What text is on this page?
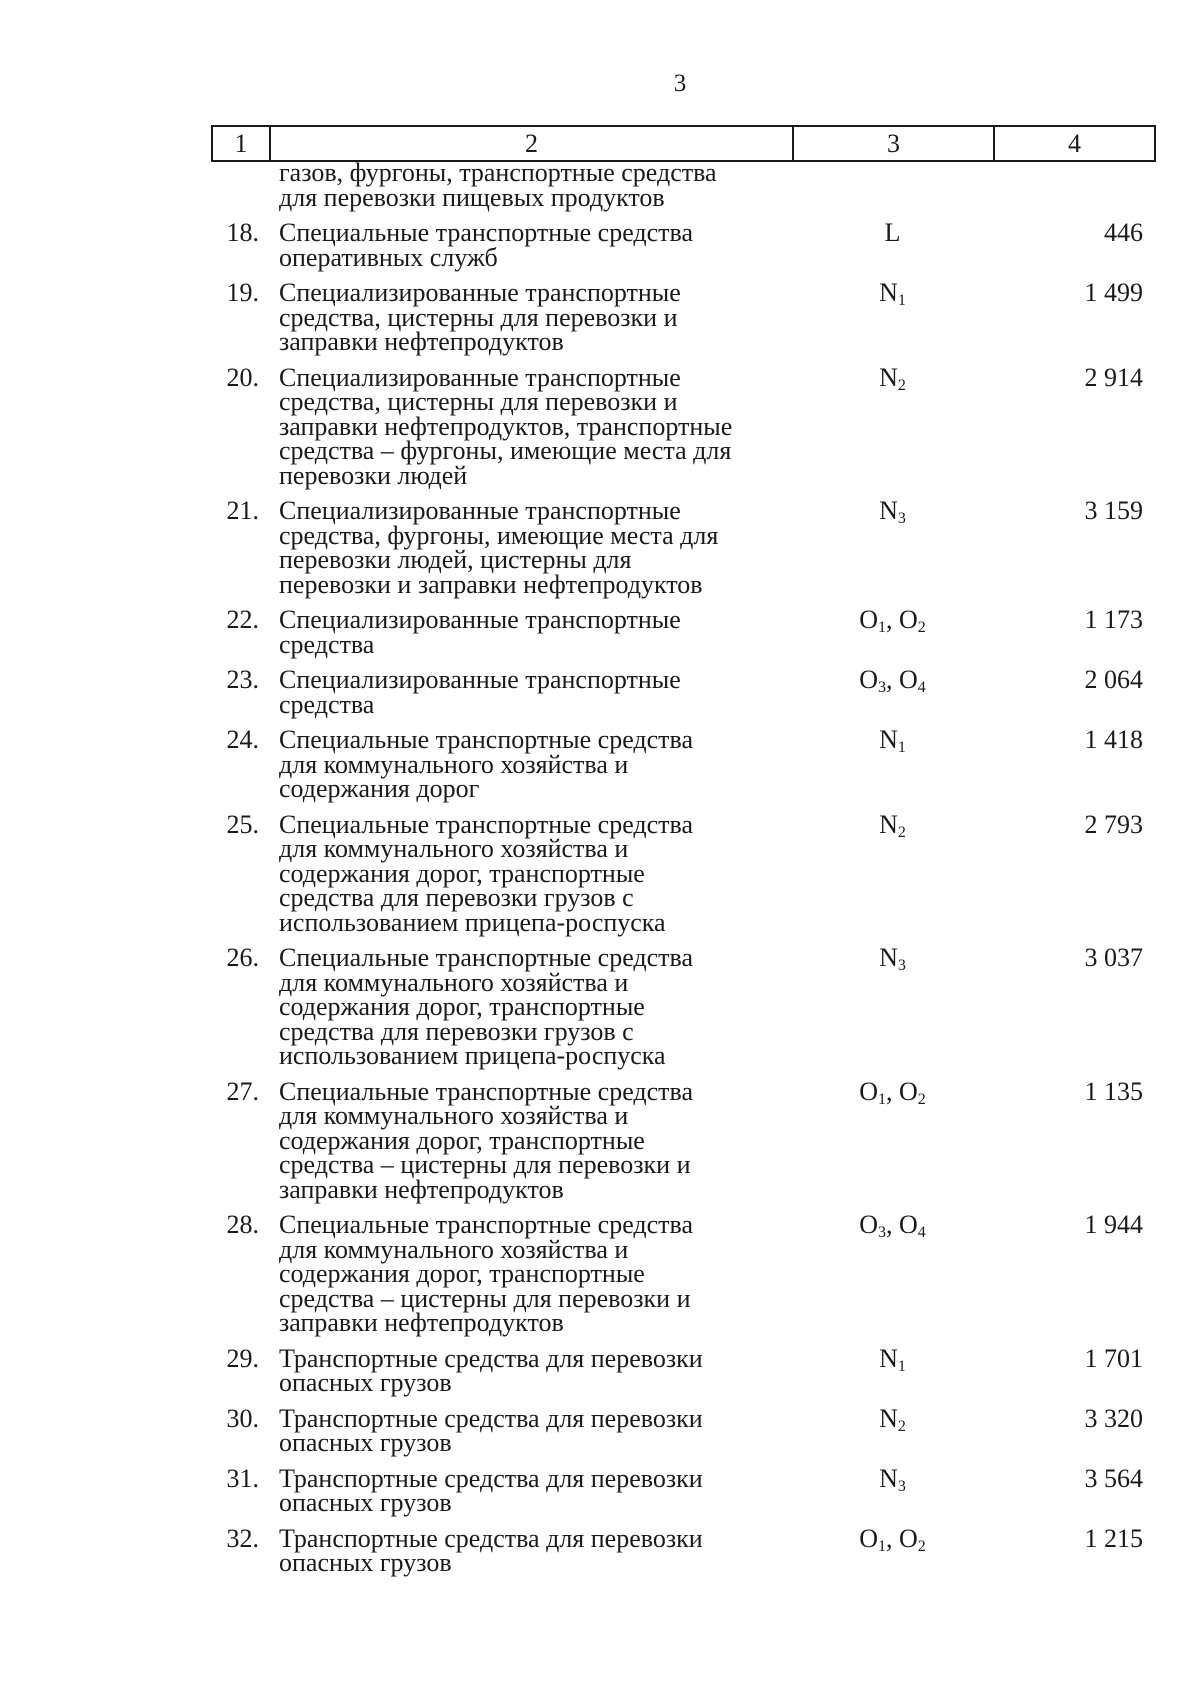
3
1	2	3	4
газов, фургоны, транспортные средства
для перевозки пищевых продуктов
18. Специальные транспортные средства
оперативных служб
L	446
19. Специализированные транспортные
средства, цистерны для перевозки и
заправки нефтепродуктов
$N_1$	1 499
20. Специализированные транспортные
средства, цистерны для перевозки и
заправки нефтепродуктов, транспортные
средства – фургоны, имеющие места для
перевозки людей
$N_2$	2 914
21. Специализированные транспортные
средства, фургоны, имеющие места для
перевозки людей, цистерны для
перевозки и заправки нефтепродуктов
$N_3$	3 159
22. Специализированные транспортные
средства
$O_1$, $O_2$	1 173
23. Специализированные транспортные
средства
$O_3$, $O_4$	2 064
24. Специальные транспортные средства
для коммунального хозяйства и
содержания дорог
$N_1$	1 418
25. Специальные транспортные средства
для коммунального хозяйства и
содержания дорог, транспортные
средства для перевозки грузов с
использованием прицепа-роспуска
$N_2$	2 793
26. Специальные транспортные средства
для коммунального хозяйства и
содержания дорог, транспортные
средства для перевозки грузов с
использованием прицепа-роспуска
$N_3$	3 037
27. Специальные транспортные средства
для коммунального хозяйства и
содержания дорог, транспортные
средства – цистерны для перевозки и
заправки нефтепродуктов
$O_1$, $O_2$	1 135
28. Специальные транспортные средства
для коммунального хозяйства и
содержания дорог, транспортные
средства – цистерны для перевозки и
заправки нефтепродуктов
$O_3$, $O_4$	1 944
29. Транспортные средства для перевозки
опасных грузов
$N_1$	1 701
30. Транспортные средства для перевозки
опасных грузов
$N_2$	3 320
31. Транспортные средства для перевозки
опасных грузов
$N_3$	3 564
32. Транспортные средства для перевозки
опасных грузов
$O_1$, $O_2$	1 215
